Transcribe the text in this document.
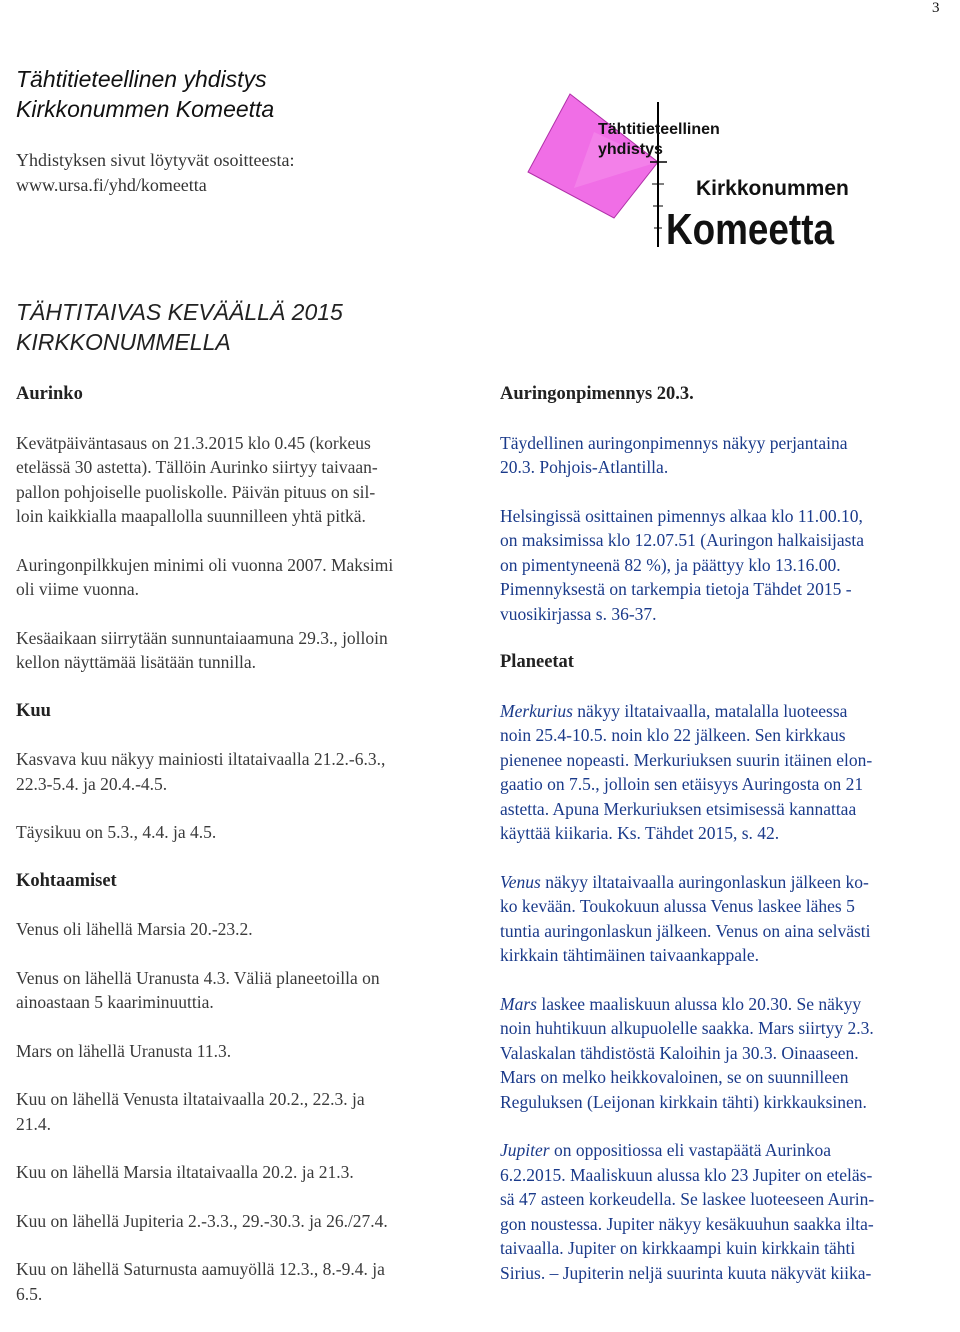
3
Tähtitieteellinen yhdistys
Kirkkonummen Komeetta
Yhdistyksen sivut löytyvät osoitteesta:
www.ursa.fi/yhd/komeetta
TÄHTITAIVAS KEVÄÄLLÄ 2015
KIRKKONUMMELLA
Tähtitieteellinen
yhdistys
Kirkkonummen
Komeetta

Aurinko

Kevätpäiväntasaus on 21.3.2015 klo 0.45 (korkeus

etelässä 30 astetta). Tällöin Aurinko siirtyy taivaan-

pallon pohjoiselle puoliskolle. Päivän pituus on sil-

loin kaikkialla maapallolla suunnilleen yhtä pitkä.

Auringonpilkkujen minimi oli vuonna 2007. Maksimi

oli viime vuonna.

Kesäaikaan siirrytään sunnuntaiaamuna 29.3., jolloin

kellon näyttämää lisätään tunnilla.

Kuu

Kasvava kuu näkyy mainiosti iltataivaalla 21.2.-6.3.,

22.3-5.4. ja 20.4.-4.5.

Täysikuu on 5.3., 4.4. ja 4.5.

Kohtaamiset

Venus oli lähellä Marsia 20.-23.2.

Venus on lähellä Uranusta 4.3. Väliä planeetoilla on

ainoastaan 5 kaariminuuttia.

Mars on lähellä Uranusta 11.3.

Kuu on lähellä Venusta iltataivaalla 20.2., 22.3. ja

21.4.

Kuu on lähellä Marsia iltataivaalla 20.2. ja 21.3.

Kuu on lähellä Jupiteria 2.-3.3., 29.-30.3. ja 26./27.4.

Kuu on lähellä Saturnusta aamuyöllä 12.3., 8.-9.4. ja

6.5.

Auringonpimennys 20.3.

Täydellinen auringonpimennys näkyy perjantaina

20.3. Pohjois-Atlantilla.

Helsingissä osittainen pimennys alkaa klo 11.00.10,

on maksimissa klo 12.07.51 (Auringon halkaisijasta

on pimentyneenä 82 %), ja päättyy klo 13.16.00.

Pimennyksestä on tarkempia tietoja Tähdet 2015 -

vuosikirjassa s. 36-37.

Planeetat

Merkurius näkyy iltataivaalla, matalalla luoteessa

noin 25.4-10.5. noin klo 22 jälkeen. Sen kirkkaus

pienenee nopeasti. Merkuriuksen suurin itäinen elon-

gaatio on 7.5., jolloin sen etäisyys Auringosta on 21

astetta. Apuna Merkuriuksen etsimisessä kannattaa

käyttää kiikaria. Ks. Tähdet 2015, s. 42.

Venus näkyy iltataivaalla auringonlaskun jälkeen ko-

ko kevään. Toukokuun alussa Venus laskee lähes 5

tuntia auringonlaskun jälkeen. Venus on aina selvästi

kirkkain tähtimäinen taivaankappale.

Mars laskee maaliskuun alussa klo 20.30. Se näkyy

noin huhtikuun alkupuolelle saakka. Mars siirtyy 2.3.

Valaskalan tähdistöstä Kaloihin ja 30.3. Oinaaseen.

Mars on melko heikkovaloinen, se on suunnilleen

Reguluksen (Leijonan kirkkain tähti) kirkkauksinen.

Jupiter on oppositiossa eli vastapäätä Aurinkoa

6.2.2015. Maaliskuun alussa klo 23 Jupiter on eteläs-

sä 47 asteen korkeudella. Se laskee luoteeseen Aurin-

gon noustessa. Jupiter näkyy kesäkuuhun saakka ilta-

taivaalla. Jupiter on kirkkaampi kuin kirkkain tähti

Sirius. – Jupiterin neljä suurinta kuuta näkyvät kiika-
